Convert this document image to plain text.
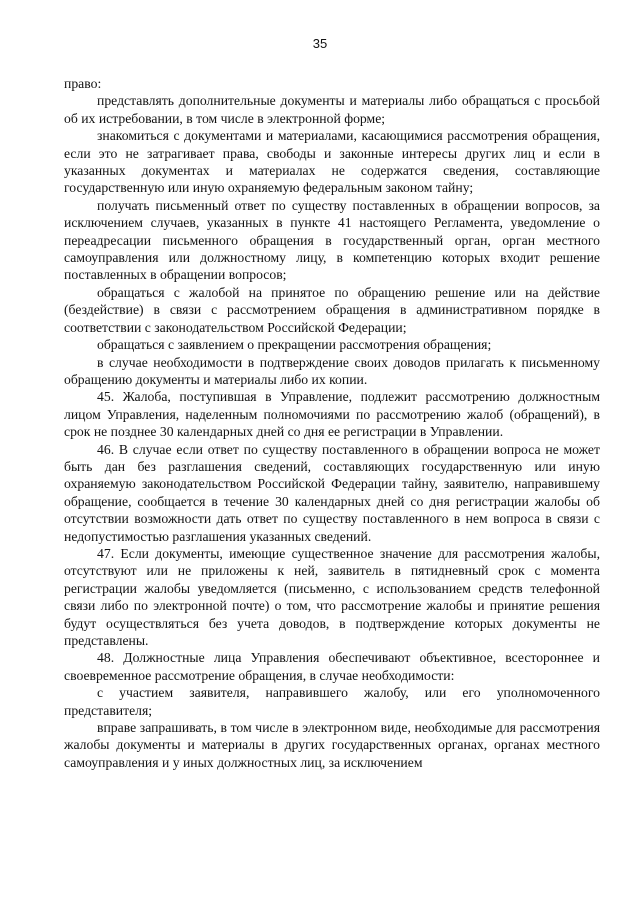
35

право:

представлять дополнительные документы и материалы либо обращаться с просьбой об их истребовании, в том числе в электронной форме;

знакомиться с документами и материалами, касающимися рассмотрения обращения, если это не затрагивает права, свободы и законные интересы других лиц и если в указанных документах и материалах не содержатся сведения, составляющие государственную или иную охраняемую федеральным законом тайну;

получать письменный ответ по существу поставленных в обращении вопросов, за исключением случаев, указанных в пункте 41 настоящего Регламента, уведомление о переадресации письменного обращения в государственный орган, орган местного самоуправления или должностному лицу, в компетенцию которых входит решение поставленных в обращении вопросов;

обращаться с жалобой на принятое по обращению решение или на действие (бездействие) в связи с рассмотрением обращения в административном порядке в соответствии с законодательством Российской Федерации;

обращаться с заявлением о прекращении рассмотрения обращения;

в случае необходимости в подтверждение своих доводов прилагать к письменному обращению документы и материалы либо их копии.

45. Жалоба, поступившая в Управление, подлежит рассмотрению должностным лицом Управления, наделенным полномочиями по рассмотрению жалоб (обращений), в срок не позднее 30 календарных дней со дня ее регистрации в Управлении.

46. В случае если ответ по существу поставленного в обращении вопроса не может быть дан без разглашения сведений, составляющих государственную или иную охраняемую законодательством Российской Федерации тайну, заявителю, направившему обращение, сообщается в течение 30 календарных дней со дня регистрации жалобы об отсутствии возможности дать ответ по существу поставленного в нем вопроса в связи с недопустимостью разглашения указанных сведений.

47. Если документы, имеющие существенное значение для рассмотрения жалобы, отсутствуют или не приложены к ней, заявитель в пятидневный срок с момента регистрации жалобы уведомляется (письменно, с использованием средств телефонной связи либо по электронной почте) о том, что рассмотрение жалобы и принятие решения будут осуществляться без учета доводов, в подтверждение которых документы не представлены.

48. Должностные лица Управления обеспечивают объективное, всестороннее и своевременное рассмотрение обращения, в случае необходимости:

с участием заявителя, направившего жалобу, или его уполномоченного представителя;

вправе запрашивать, в том числе в электронном виде, необходимые для рассмотрения жалобы документы и материалы в других государственных органах, органах местного самоуправления и у иных должностных лиц, за исключением
